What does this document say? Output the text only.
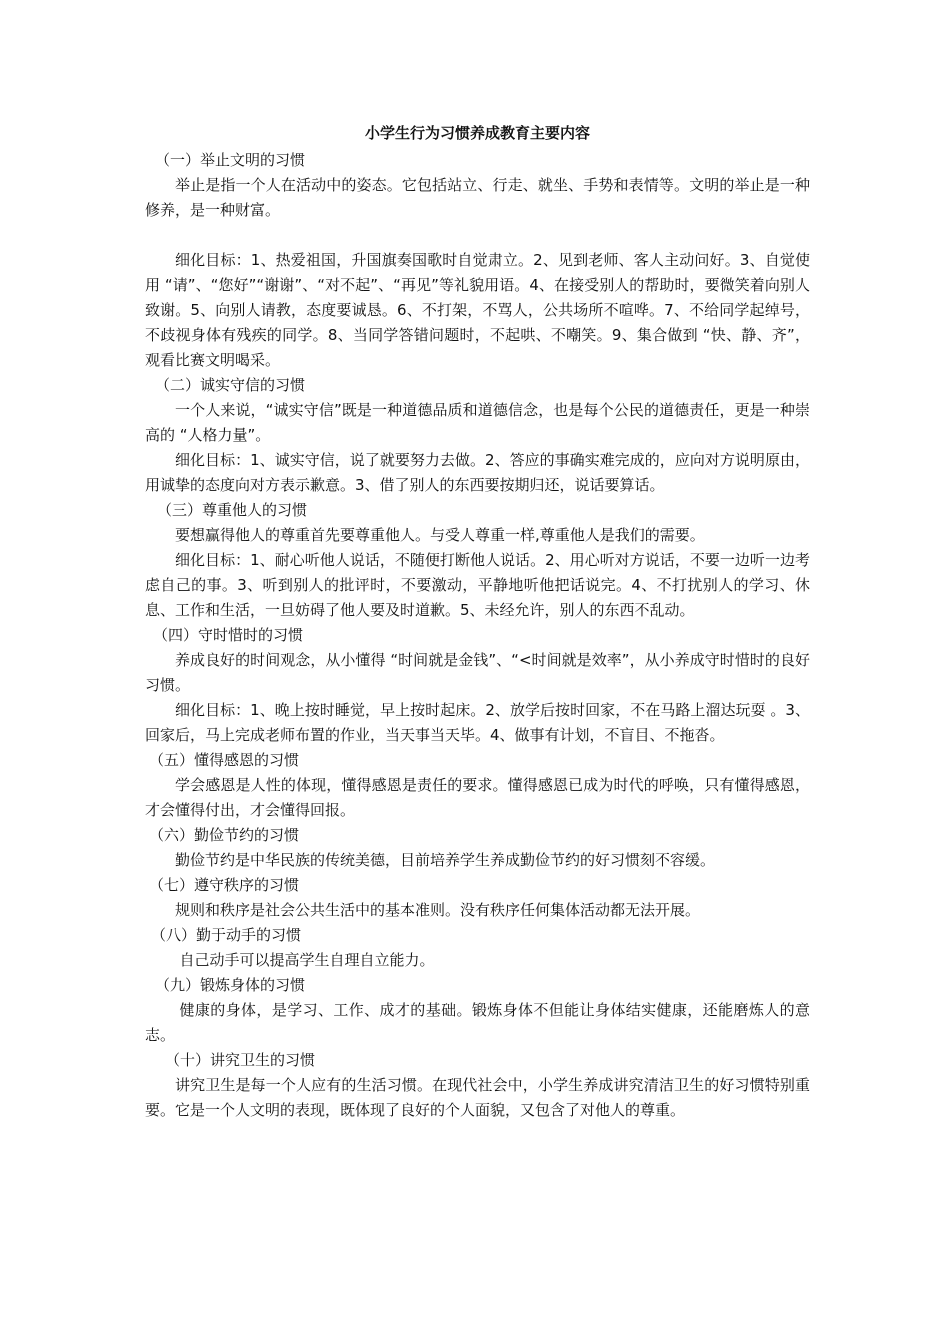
小学生行为习惯养成教育主要内容

（一）举止文明的习惯

举止是指一个人在活动中的姿态。它包括站立、行走、就坐、手势和表情等。文明的举止是一种修养，是一种财富。

细化目标：1、热爱祖国，升国旗奏国歌时自觉肃立。2、见到老师、客人主动问好。3、自觉使用 “请”、“您好”“谢谢”、“对不起”、“再见”等礼貌用语。4、在接受别人的帮助时，要微笑着向别人致谢。5、向别人请教，态度要诚恳。6、不打架，不骂人，公共场所不喧哗。7、不给同学起绰号，不歧视身体有残疾的同学。8、当同学答错问题时，不起哄、不嘲笑。9、集合做到 “快、静、齐”，观看比赛文明喝采。

（二）诚实守信的习惯

一个人来说，“诚实守信”既是一种道德品质和道德信念，也是每个公民的道德责任，更是一种崇高的 “人格力量”。

细化目标：1、诚实守信，说了就要努力去做。2、答应的事确实难完成的，应向对方说明原由，用诚挚的态度向对方表示歉意。3、借了别人的东西要按期归还，说话要算话。

（三）尊重他人的习惯

要想赢得他人的尊重首先要尊重他人。与受人尊重一样,尊重他人是我们的需要。

细化目标：1、耐心听他人说话，不随便打断他人说话。2、用心听对方说话，不要一边听一边考虑自己的事。3、听到别人的批评时，不要激动，平静地听他把话说完。4、不打扰别人的学习、休息、工作和生活，一旦妨碍了他人要及时道歉。5、未经允许，别人的东西不乱动。

（四）守时惜时的习惯

养成良好的时间观念，从小懂得 “时间就是金钱”、“<时间就是效率”，从小养成守时惜时的良好习惯。

细化目标：1、晚上按时睡觉，早上按时起床。2、放学后按时回家，不在马路上溜达玩耍 。3、回家后，马上完成老师布置的作业，当天事当天毕。4、做事有计划，不盲目、不拖沓。

（五）懂得感恩的习惯

学会感恩是人性的体现，懂得感恩是责任的要求。懂得感恩已成为时代的呼唤，只有懂得感恩，才会懂得付出，才会懂得回报。

（六）勤俭节约的习惯

勤俭节约是中华民族的传统美德，目前培养学生养成勤俭节约的好习惯刻不容缓。

（七）遵守秩序的习惯

规则和秩序是社会公共生活中的基本准则。没有秩序任何集体活动都无法开展。

（八）勤于动手的习惯

自己动手可以提高学生自理自立能力。

（九）锻炼身体的习惯

健康的身体，是学习、工作、成才的基础。锻炼身体不但能让身体结实健康，还能磨炼人的意志。

（十）讲究卫生的习惯

讲究卫生是每一个人应有的生活习惯。在现代社会中，小学生养成讲究清洁卫生的好习惯特别重要。它是一个人文明的表现，既体现了良好的个人面貌，又包含了对他人的尊重。
